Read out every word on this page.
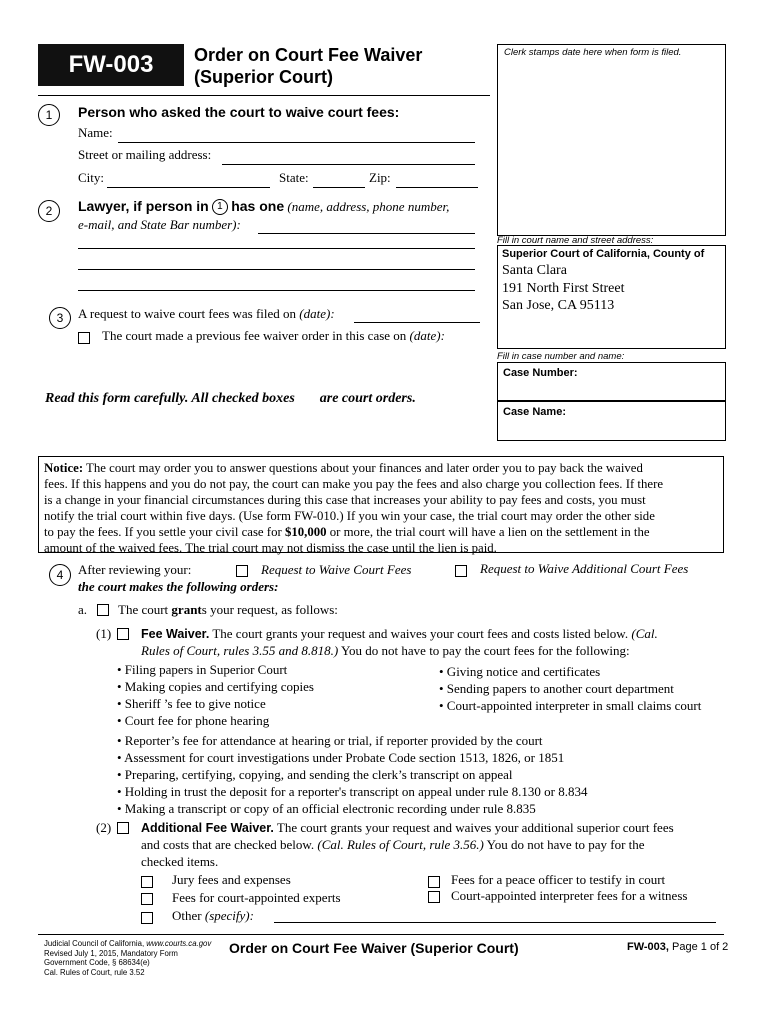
FW-003	Order on Court Fee Waiver
(Superior Court)
Clerk stamps date here when form is filed.
1	Person who asked the court to waive court fees:
Name:
Street or mailing address:
City:	State:	Zip:
2	Lawyer, if person in 1 has one (name, address, phone number,
e-mail, and State Bar number):
3	A request to waive court fees was filed on (date):
The court made a previous fee waiver order in this case on (date):
Fill in court name and street address:
Superior Court of California, County of
Santa Clara
191 North First Street
San Jose, CA 95113
Fill in case number and name:
Case Number:
Case Name:
Read this form carefully. All checked boxes are court orders.
Notice: The court may order you to answer questions about your finances and later order you to pay back the waived
fees. If this happens and you do not pay, the court can make you pay the fees and also charge you collection fees. If there
is a change in your financial circumstances during this case that increases your ability to pay fees and costs, you must
notify the trial court within five days. (Use form FW-010.) If you win your case, the trial court may order the other side
to pay the fees. If you settle your civil case for $10,000 or more, the trial court will have a lien on the settlement in the
amount of the waived fees. The trial court may not dismiss the case until the lien is paid.
4	After reviewing your:	Request to Waive Court Fees	Request to Waive Additional Court Fees
the court makes the following orders:
a. The court grants your request, as follows:
(1) Fee Waiver. The court grants your request and waives your court fees and costs listed below. (Cal.
Rules of Court, rules 3.55 and 8.818.) You do not have to pay the court fees for the following:
• Filing papers in Superior Court
• Making copies and certifying copies
• Sheriff ’s fee to give notice
• Court fee for phone hearing
• Giving notice and certificates
• Sending papers to another court department
• Court-appointed interpreter in small claims court
• Reporter’s fee for attendance at hearing or trial, if reporter provided by the court
• Assessment for court investigations under Probate Code section 1513, 1826, or 1851
• Preparing, certifying, copying, and sending the clerk’s transcript on appeal
• Holding in trust the deposit for a reporter's transcript on appeal under rule 8.130 or 8.834
• Making a transcript or copy of an official electronic recording under rule 8.835
(2) Additional Fee Waiver. The court grants your request and waives your additional superior court fees
and costs that are checked below. (Cal. Rules of Court, rule 3.56.) You do not have to pay for the
checked items.
Jury fees and expenses
Fees for court-appointed experts
Fees for a peace officer to testify in court
Court-appointed interpreter fees for a witness
Other (specify):
Judicial Council of California, www.courts.ca.gov
Revised July 1, 2015, Mandatory Form
Government Code, § 68634(e)
Cal. Rules of Court, rule 3.52
Order on Court Fee Waiver (Superior Court)	FW-003, Page 1 of 2
